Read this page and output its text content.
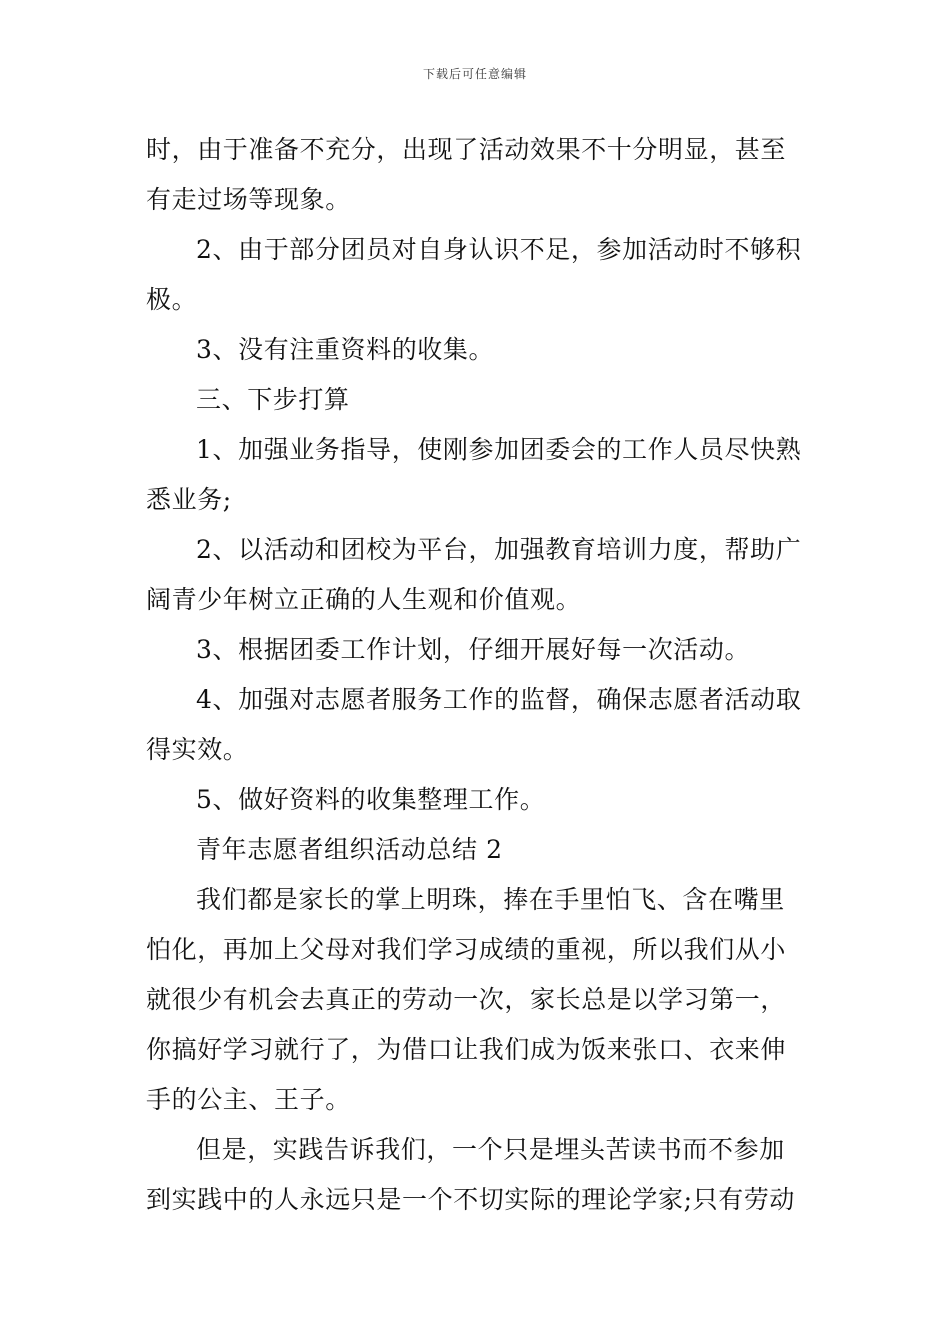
下载后可任意编辑
时，由于准备不充分，出现了活动效果不十分明显，甚至
有走过场等现象。
2、由于部分团员对自身认识不足，参加活动时不够积
极。
3、没有注重资料的收集。
三、下步打算
1、加强业务指导，使刚参加团委会的工作人员尽快熟
悉业务;
2、以活动和团校为平台，加强教育培训力度，帮助广
阔青少年树立正确的人生观和价值观。
3、根据团委工作计划，仔细开展好每一次活动。
4、加强对志愿者服务工作的监督，确保志愿者活动取
得实效。
5、做好资料的收集整理工作。
青年志愿者组织活动总结 2
我们都是家长的掌上明珠，捧在手里怕飞、含在嘴里
怕化，再加上父母对我们学习成绩的重视，所以我们从小
就很少有机会去真正的劳动一次，家长总是以学习第一，
你搞好学习就行了，为借口让我们成为饭来张口、衣来伸
手的公主、王子。
但是，实践告诉我们，一个只是埋头苦读书而不参加
到实践中的人永远只是一个不切实际的理论学家;只有劳动
